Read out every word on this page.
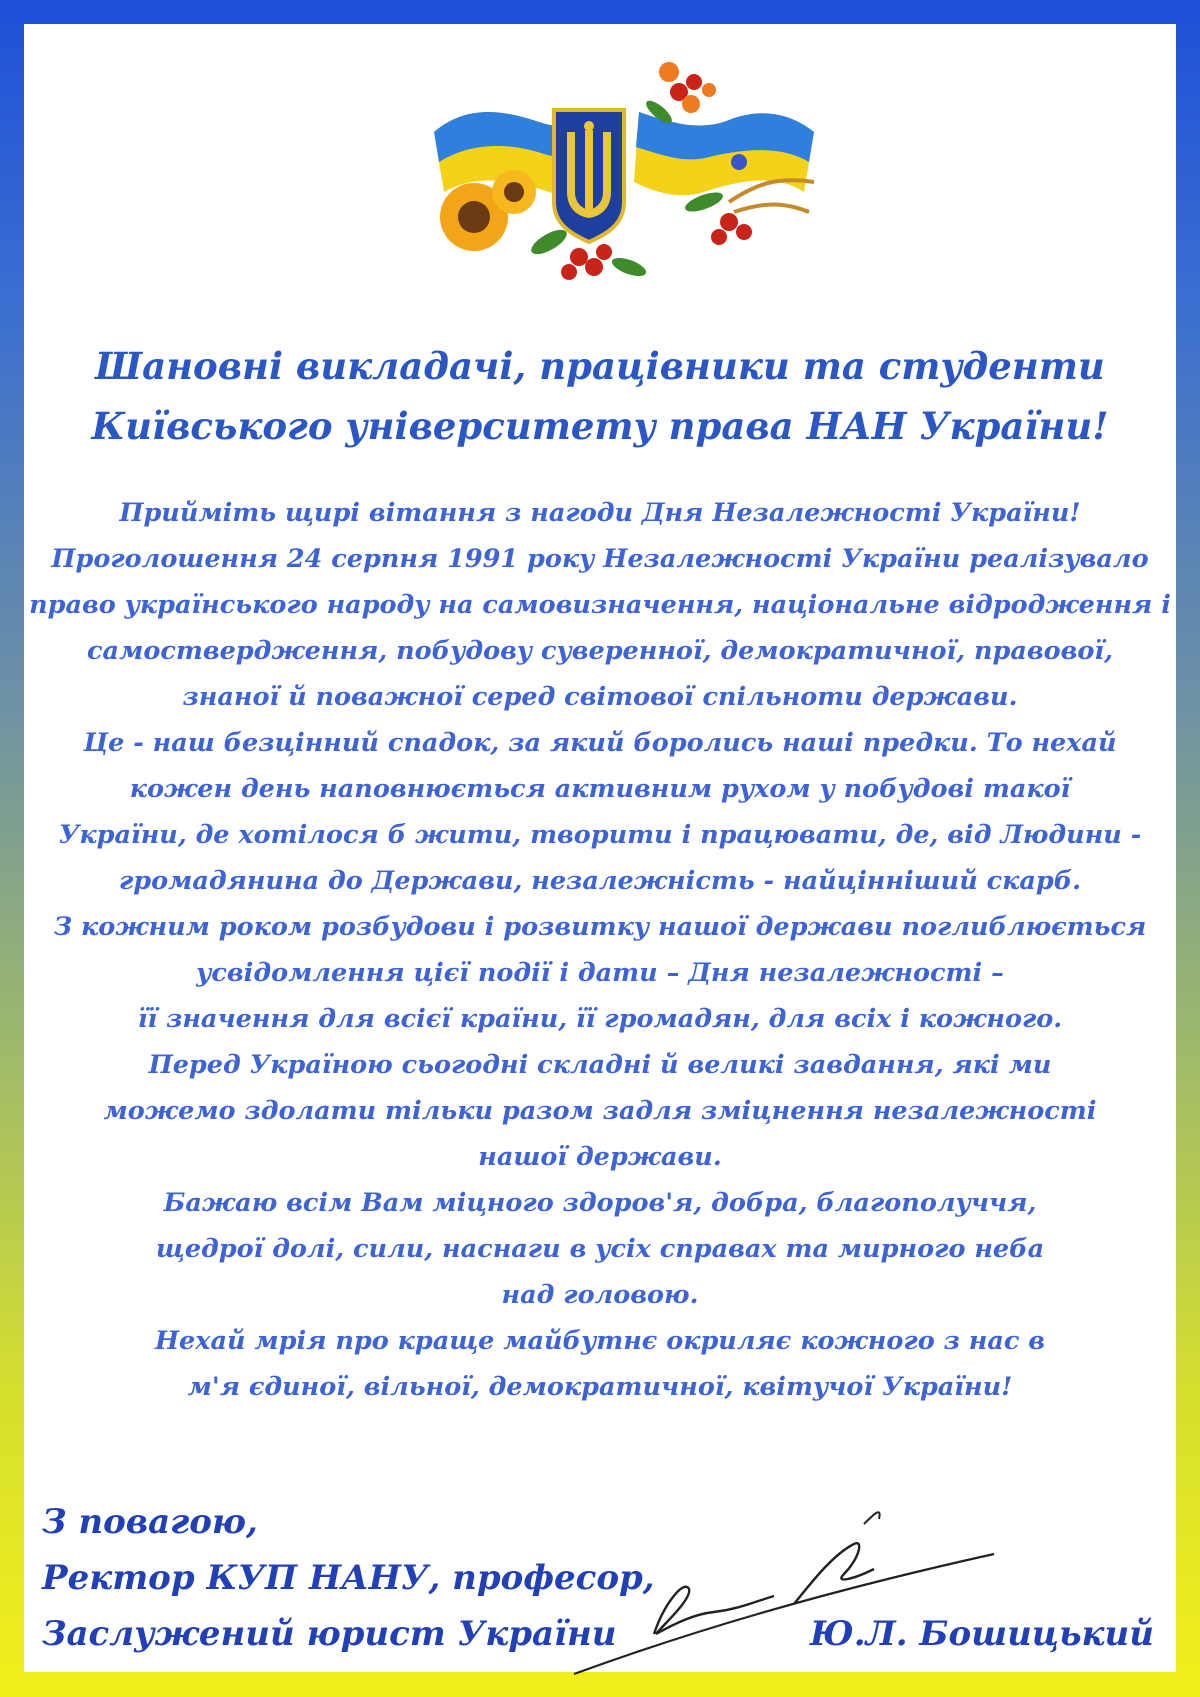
Шановні викладачі, працівники та студенти
Київського університету права НАН України!
Прийміть щирі вітання з нагоди Дня Незалежності України!
Проголошення 24 серпня 1991 року Незалежності України реалізувало
право українського народу на самовизначення, національне відродження і
самоствердження, побудову суверенної, демократичної, правової,
знаної й поважної серед світової спільноти держави.
Це - наш безцінний спадок, за який боролись наші предки. То нехай
кожен день наповнюється активним рухом у побудові такої
України, де хотілося б жити, творити і працювати, де, від Людини -
громадянина до Держави, незалежність - найцінніший скарб.
З кожним роком розбудови і розвитку нашої держави поглиблюється
усвідомлення цієї події і дати – Дня незалежності –
її значення для всієї країни, її громадян, для всіх і кожного.
Перед Україною сьогодні складні й великі завдання, які ми
можемо здолати тільки разом задля зміцнення незалежності
нашої держави.
Бажаю всім Вам міцного здоров'я, добра, благополуччя,
щедрої долі, сили, наснаги в усіх справах та мирного неба
над головою.
Нехай мрія про краще майбутнє окриляє кожного з нас в
м'я єдиної, вільної, демократичної, квітучої України!
З повагою,
Ректор КУП НАНУ, професор,
Заслужений юрист України	Ю.Л. Бошицький
